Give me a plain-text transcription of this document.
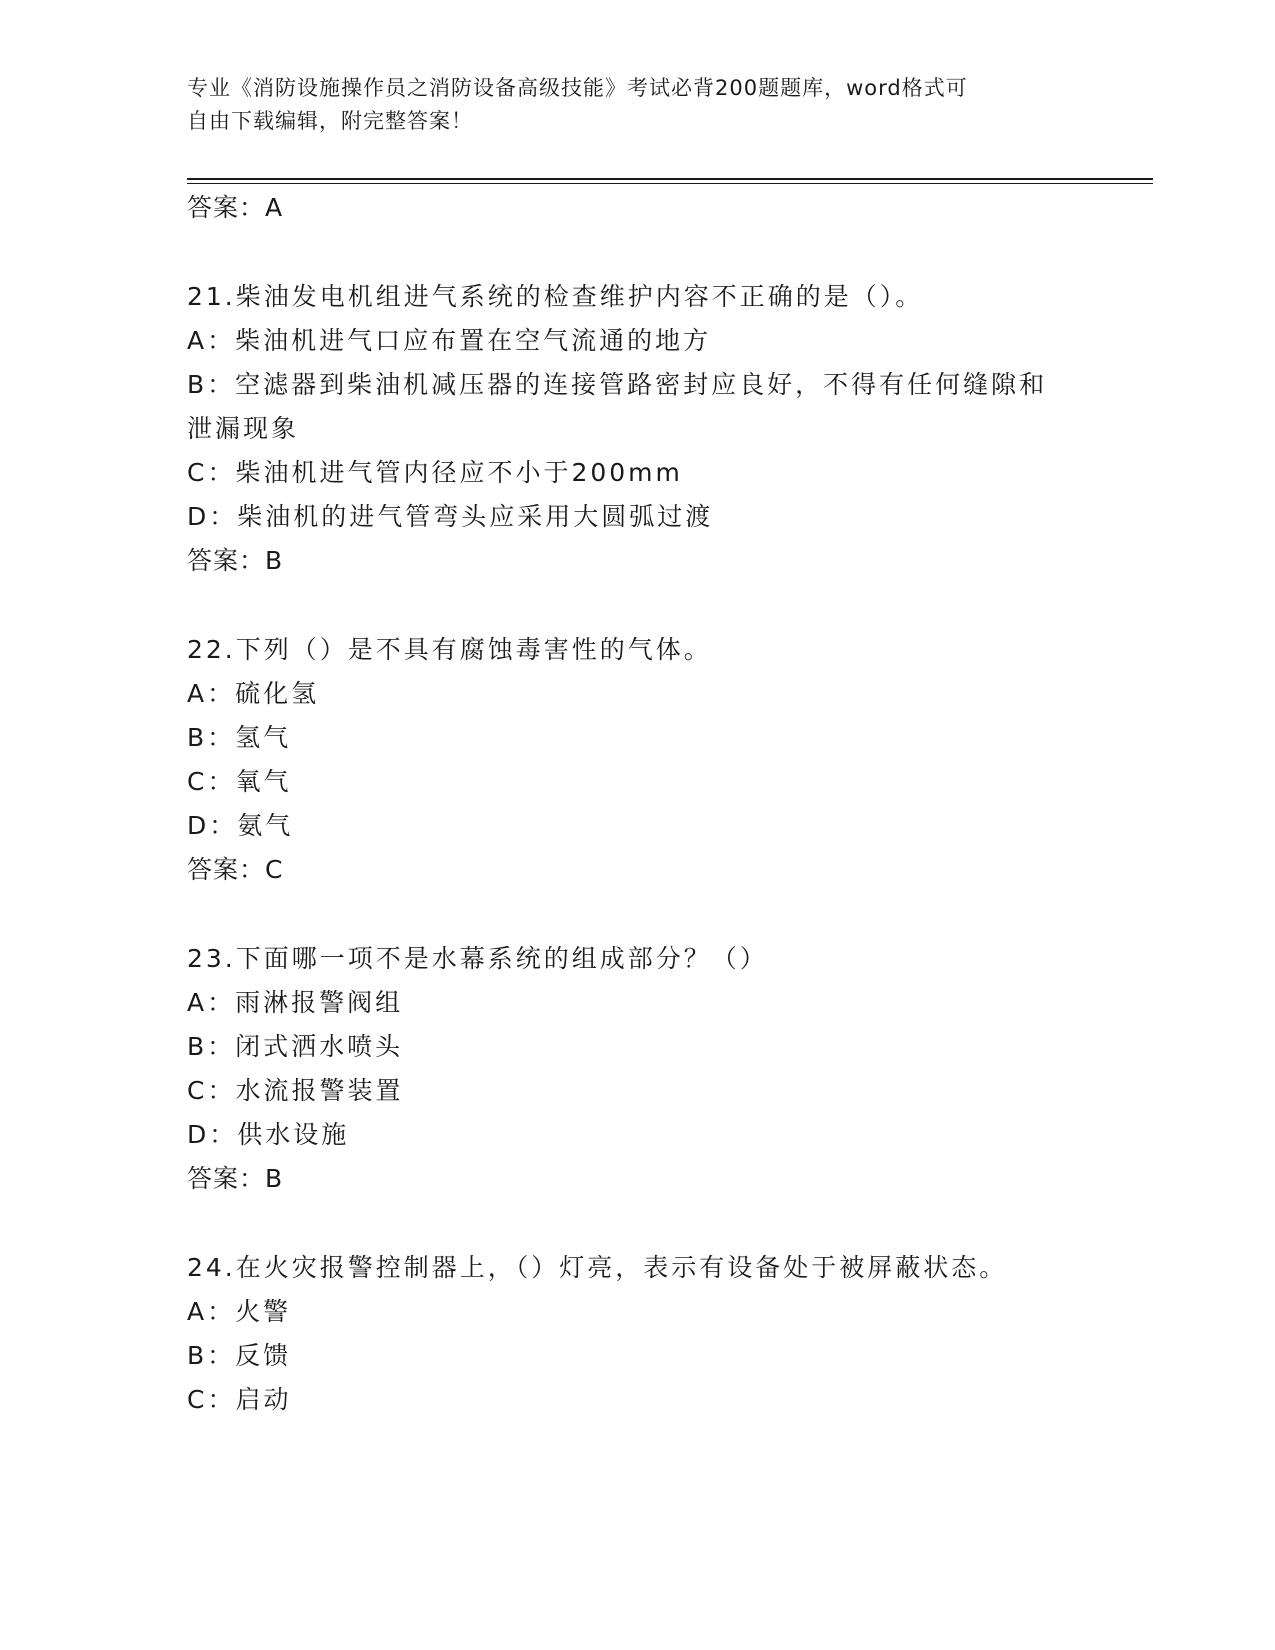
专业《消防设施操作员之消防设备高级技能》考试必背200题题库，word格式可
自由下载编辑，附完整答案！
答案：A
21.柴油发电机组进气系统的检查维护内容不正确的是（）。
A：柴油机进气口应布置在空气流通的地方
B：空滤器到柴油机减压器的连接管路密封应良好，不得有任何缝隙和
泄漏现象
C：柴油机进气管内径应不小于200mm
D：柴油机的进气管弯头应采用大圆弧过渡
答案：B
22.下列（）是不具有腐蚀毒害性的气体。
A：硫化氢
B：氢气
C：氧气
D：氨气
答案：C
23.下面哪一项不是水幕系统的组成部分？（）
A：雨淋报警阀组
B：闭式洒水喷头
C：水流报警装置
D：供水设施
答案：B
24.在火灾报警控制器上，（）灯亮，表示有设备处于被屏蔽状态。
A：火警
B：反馈
C：启动
